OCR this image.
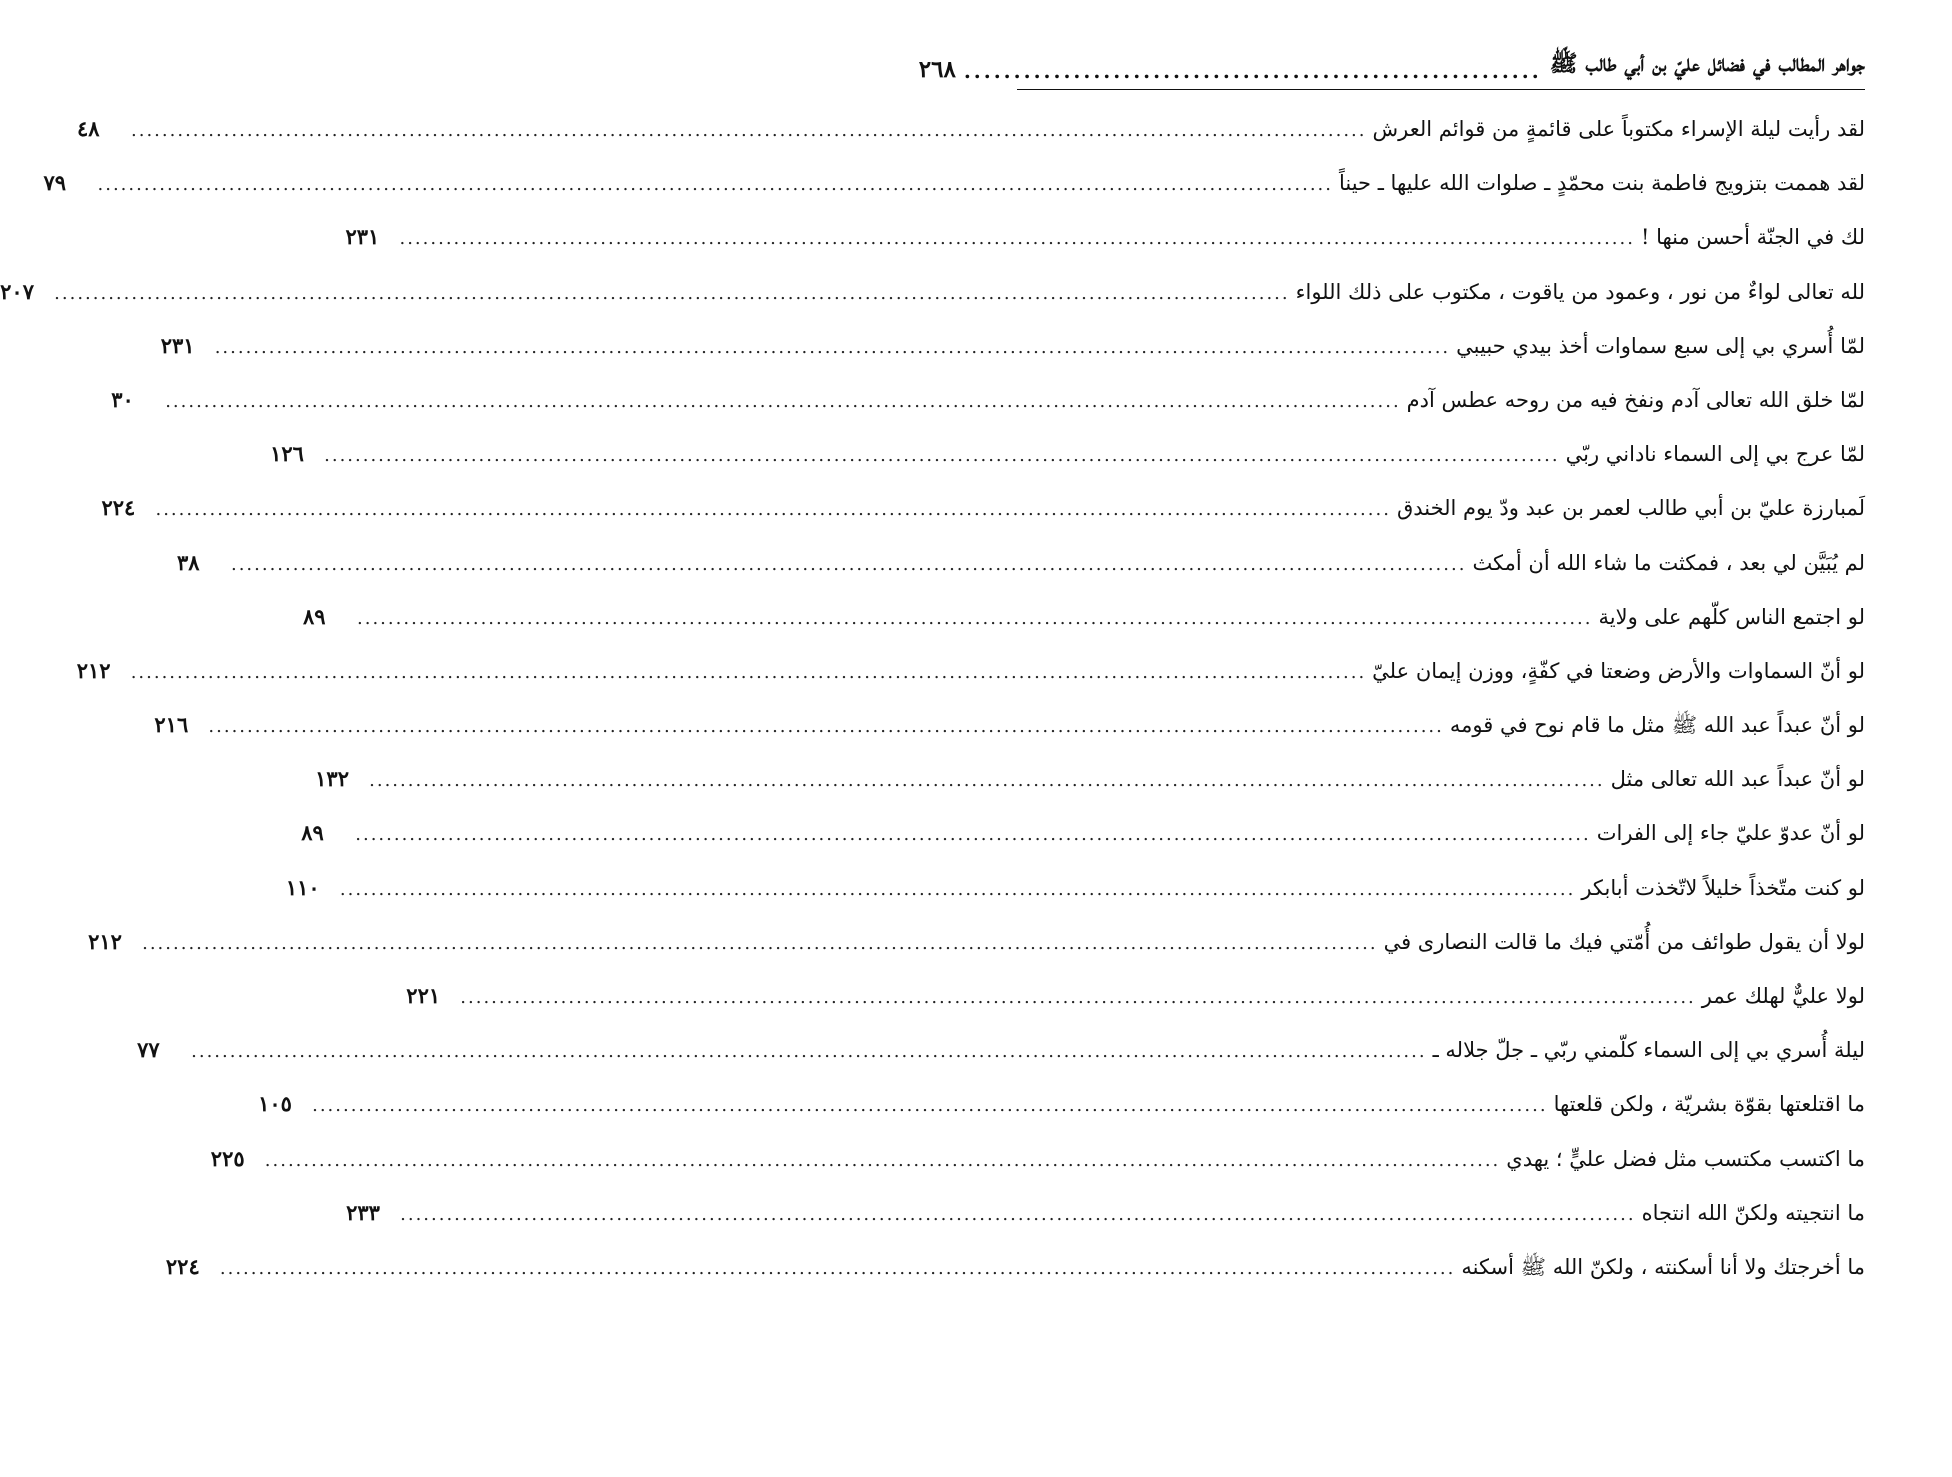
جواهر المطالب في فضائل عليّ بن أبي طالب ﷺ
..........................................................
٢٦٨
لقد رأيت ليلة الإسراء مكتوباً على قائمةٍ من قوائم العرش
................................................................................................................................................................
٤٨
لقد هممت بتزويج فاطمة بنت محمّدٍ ـ صلوات الله عليها ـ حيناً
................................................................................................................................................................
٧٩
لك في الجنّة أحسن منها !
................................................................................................................................................................
٢٣١
لله تعالى لواءٌ من نور ، وعمود من ياقوت ، مكتوب على ذلك اللواء
................................................................................................................................................................
٢٠٧
لمّا أُسري بي إلى سبع سماوات أخذ بيدي حبيبي
................................................................................................................................................................
٢٣١
لمّا خلق الله تعالى آدم ونفخ فيه من روحه عطس آدم
................................................................................................................................................................
٣٠
لمّا عرج بي إلى السماء ناداني ربّي
................................................................................................................................................................
١٢٦
لَمبارزة عليّ بن أبي طالب لعمر بن عبد ودّ يوم الخندق
................................................................................................................................................................
٢٢٤
لم يُبَيَّن لي بعد ، فمكثت ما شاء الله أن أمكث
................................................................................................................................................................
٣٨
لو اجتمع الناس كلّهم على ولاية
................................................................................................................................................................
٨٩
لو أنّ السماوات والأرض وضعتا في كفّةٍ، ووزن إيمان عليّ
................................................................................................................................................................
٢١٢
لو أنّ عبداً عبد الله ﷺ مثل ما قام نوح في قومه
................................................................................................................................................................
٢١٦
لو أنّ عبداً عبد الله تعالى مثل
................................................................................................................................................................
١٣٢
لو أنّ عدوّ عليّ جاء إلى الفرات
................................................................................................................................................................
٨٩
لو كنت متّخذاً خليلاً لاتّخذت أبابكر
................................................................................................................................................................
١١٠
لولا أن يقول طوائف من أُمّتي فيك ما قالت النصارى في
................................................................................................................................................................
٢١٢
لولا عليٌّ لهلك عمر
................................................................................................................................................................
٢٢١
ليلة أُسري بي إلى السماء كلّمني ربّي ـ جلّ جلاله ـ
................................................................................................................................................................
٧٧
ما اقتلعتها بقوّة بشريّة ، ولكن قلعتها
................................................................................................................................................................
١٠٥
ما اكتسب مكتسب مثل فضل عليٍّ ؛ يهدي
................................................................................................................................................................
٢٢٥
ما انتجيته ولكنّ الله انتجاه
................................................................................................................................................................
٢٣٣
ما أخرجتك ولا أنا أسكنته ، ولكنّ الله ﷺ أسكنه
................................................................................................................................................................
٢٢٤
